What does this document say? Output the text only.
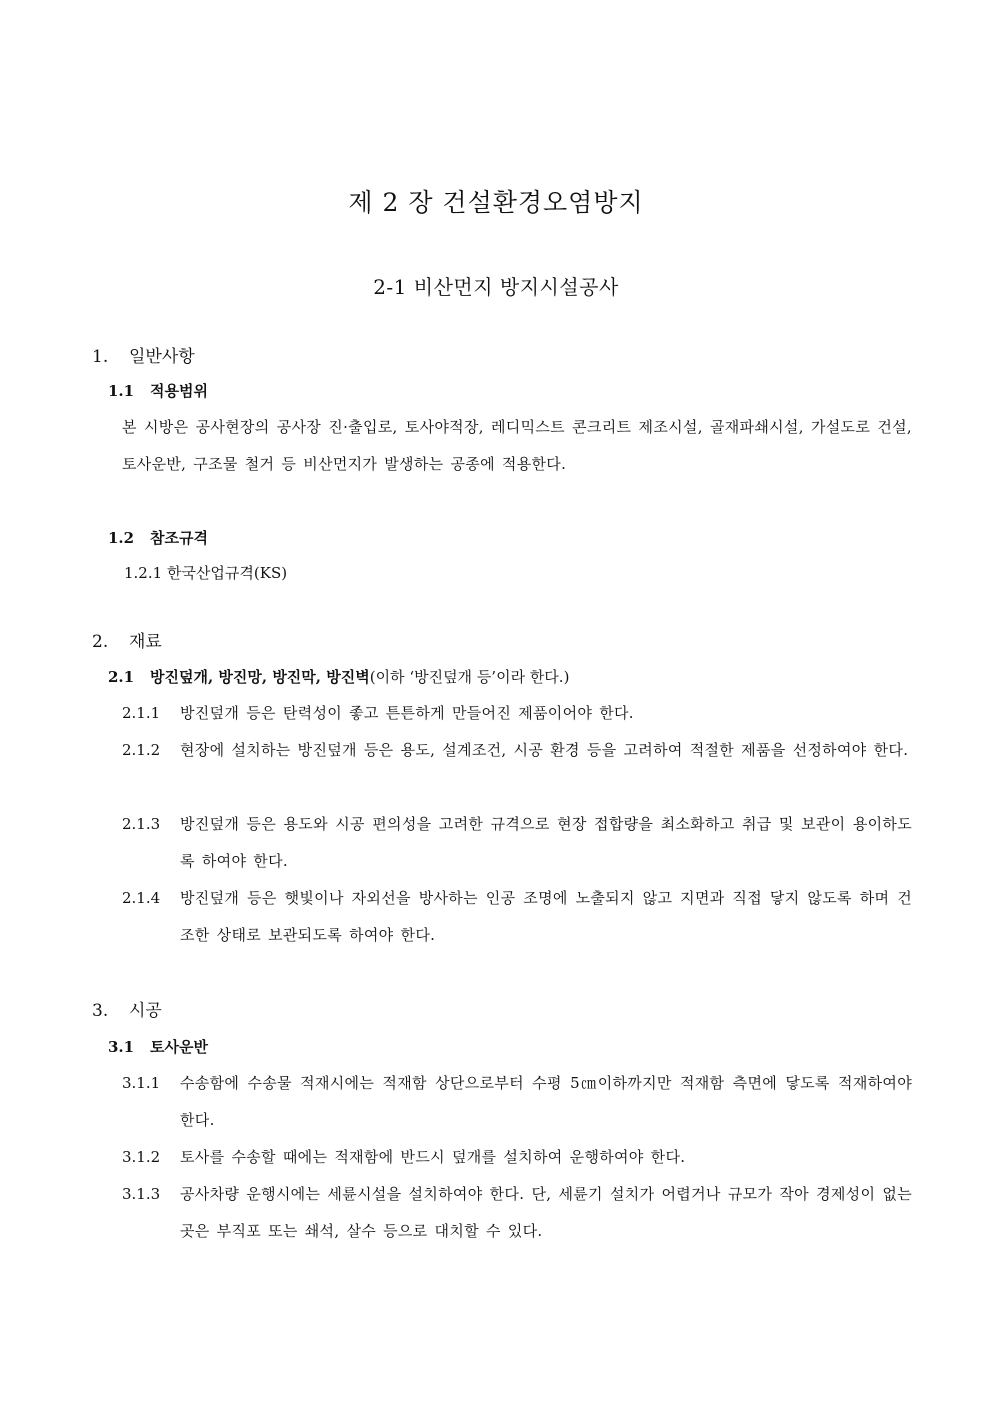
제 2 장 건설환경오염방지
2-1 비산먼지 방지시설공사
1. 일반사항
1.1 적용범위
본 시방은 공사현장의 공사장 진·출입로, 토사야적장, 레디믹스트 콘크리트 제조시설, 골재파쇄시설, 가설도로 건설, 토사운반, 구조물 철거 등 비산먼지가 발생하는 공종에 적용한다.
1.2 참조규격
1.2.1 한국산업규격(KS)
2. 재료
2.1 방진덮개, 방진망, 방진막, 방진벽(이하 ‘방진덮개 등’이라 한다.)
2.1.1 방진덮개 등은 탄력성이 좋고 튼튼하게 만들어진 제품이어야 한다.
2.1.2 현장에 설치하는 방진덮개 등은 용도, 설계조건, 시공 환경 등을 고려하여 적절한 제품을 선정하여야 한다.
2.1.3 방진덮개 등은 용도와 시공 편의성을 고려한 규격으로 현장 접합량을 최소화하고 취급 및 보관이 용이하도록 하여야 한다.
2.1.4 방진덮개 등은 햇빛이나 자외선을 방사하는 인공 조명에 노출되지 않고 지면과 직접 닿지 않도록 하며 건조한 상태로 보관되도록 하여야 한다.
3. 시공
3.1 토사운반
3.1.1 수송함에 수송물 적재시에는 적재함 상단으로부터 수평 5㎝이하까지만 적재함 측면에 닿도록 적재하여야 한다.
3.1.2 토사를 수송할 때에는 적재함에 반드시 덮개를 설치하여 운행하여야 한다.
3.1.3 공사차량 운행시에는 세륜시설을 설치하여야 한다. 단, 세륜기 설치가 어렵거나 규모가 작아 경제성이 없는 곳은 부직포 또는 쇄석, 살수 등으로 대치할 수 있다.
